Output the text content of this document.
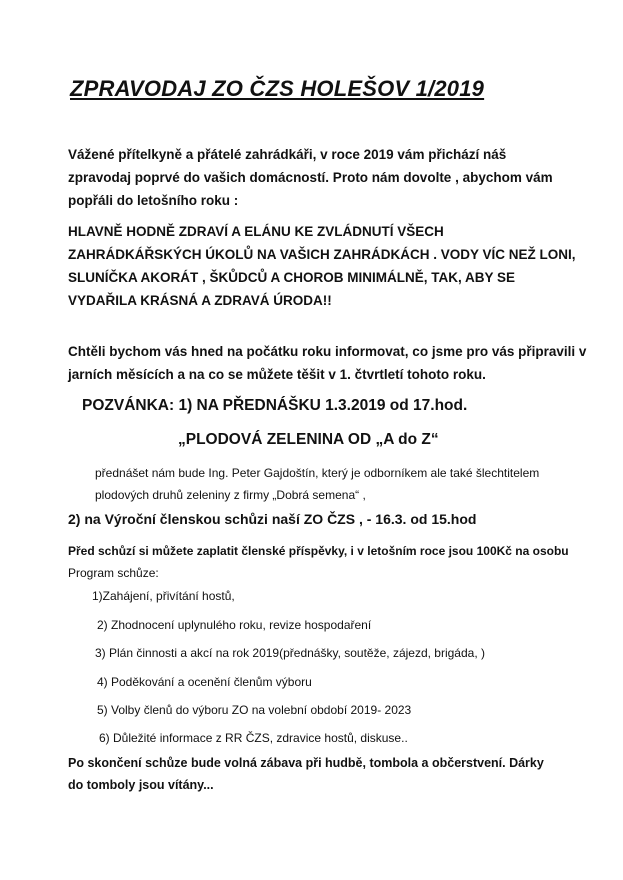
ZPRAVODAJ ZO ČZS HOLEŠOV 1/2019
Vážené přítelkyně a přátelé zahrádkáři, v roce 2019 vám přichází náš zpravodaj poprvé do vašich domácností. Proto nám dovolte , abychom vám popřáli do letošního roku :
HLAVNĚ HODNĚ ZDRAVÍ A ELÁNU KE ZVLÁDNUTÍ VŠECH ZAHRÁDKÁŘSKÝCH ÚKOLŮ NA VAŠICH ZAHRÁDKÁCH . VODY VÍC NEŽ LONI, SLUNÍČKA AKORÁT , ŠKŮDCŮ A CHOROB MINIMÁLNĚ, TAK, ABY SE VYDAŘILA KRÁSNÁ A ZDRAVÁ ÚRODA!!
Chtěli bychom vás hned na počátku roku informovat, co jsme pro vás připravili v jarních měsících a na co se můžete těšit v 1. čtvrtletí tohoto roku.
POZVÁNKA: 1) NA PŘEDNÁŠKU 1.3.2019 od 17.hod.
„PLODOVÁ ZELENINA OD „A do Z“
přednášet nám bude Ing. Peter Gajdoštín, který je odborníkem ale také šlechtitelem plodových druhů zeleniny z firmy „Dobrá semena“ ,
2) na Výroční členskou schůzi naší ZO ČZS , - 16.3. od 15.hod
Před schůzí si můžete zaplatit členské příspěvky, i v letošním roce jsou 100Kč na osobu
Program schůze:
1)Zahájení, přivítání hostů,
2) Zhodnocení uplynulého roku, revize hospodaření
3) Plán činnosti a akcí na rok 2019(přednášky, soutěže, zájezd, brigáda, )
4) Poděkování a ocenění členům výboru
5) Volby členů do výboru ZO na volební období 2019- 2023
6) Důležité informace z RR ČZS, zdravice hostů, diskuse..
Po skončení schůze bude volná zábava při hudbě, tombola a občerstvení. Dárky do tomboly jsou vítány...
